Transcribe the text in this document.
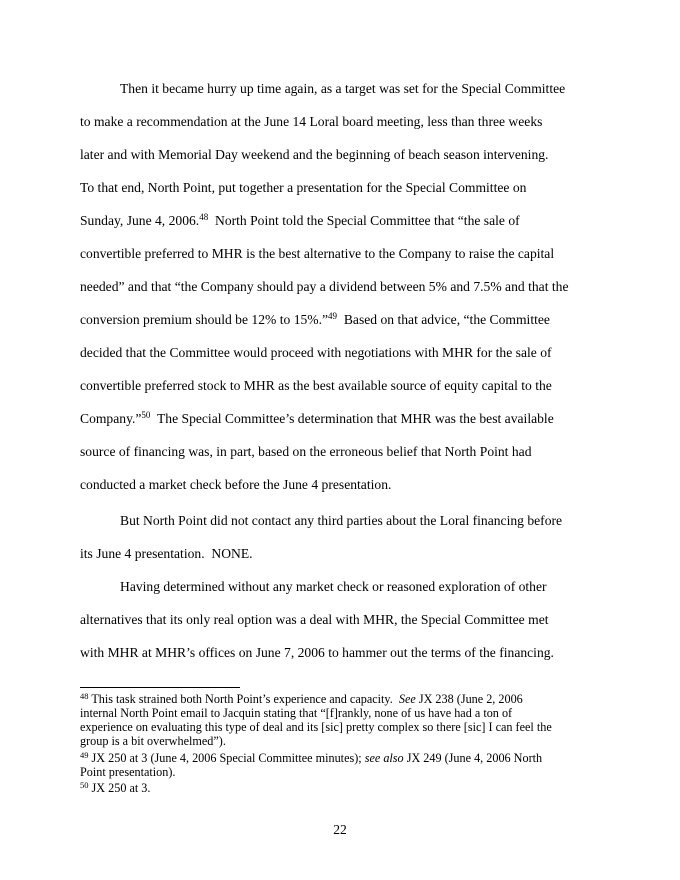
Then it became hurry up time again, as a target was set for the Special Committee
to make a recommendation at the June 14 Loral board meeting, less than three weeks
later and with Memorial Day weekend and the beginning of beach season intervening.
To that end, North Point, put together a presentation for the Special Committee on
Sunday, June 4, 2006.48  North Point told the Special Committee that “the sale of
convertible preferred to MHR is the best alternative to the Company to raise the capital
needed” and that “the Company should pay a dividend between 5% and 7.5% and that the
conversion premium should be 12% to 15%.”$^{49}$  Based on that advice, “the Committee
decided that the Committee would proceed with negotiations with MHR for the sale of
convertible preferred stock to MHR as the best available source of equity capital to the
Company.”$^{50}$  The Special Committee’s determination that MHR was the best available
source of financing was, in part, based on the erroneous belief that North Point had
conducted a market check before the June 4 presentation.
But North Point did not contact any third parties about the Loral financing before
its June 4 presentation.  NONE.
Having determined without any market check or reasoned exploration of other
alternatives that its only real option was a deal with MHR, the Special Committee met
with MHR at MHR’s offices on June 7, 2006 to hammer out the terms of the financing.
$^{48}$ This task strained both North Point’s experience and capacity.  See JX 238 (June 2, 2006
internal North Point email to Jacquin stating that “[f]rankly, none of us have had a ton of
experience on evaluating this type of deal and its [sic] pretty complex so there [sic] I can feel the
group is a bit overwhelmed”).
$^{49}$ JX 250 at 3 (June 4, 2006 Special Committee minutes); see also JX 249 (June 4, 2006 North
Point presentation).
$^{50}$ JX 250 at 3.
22
